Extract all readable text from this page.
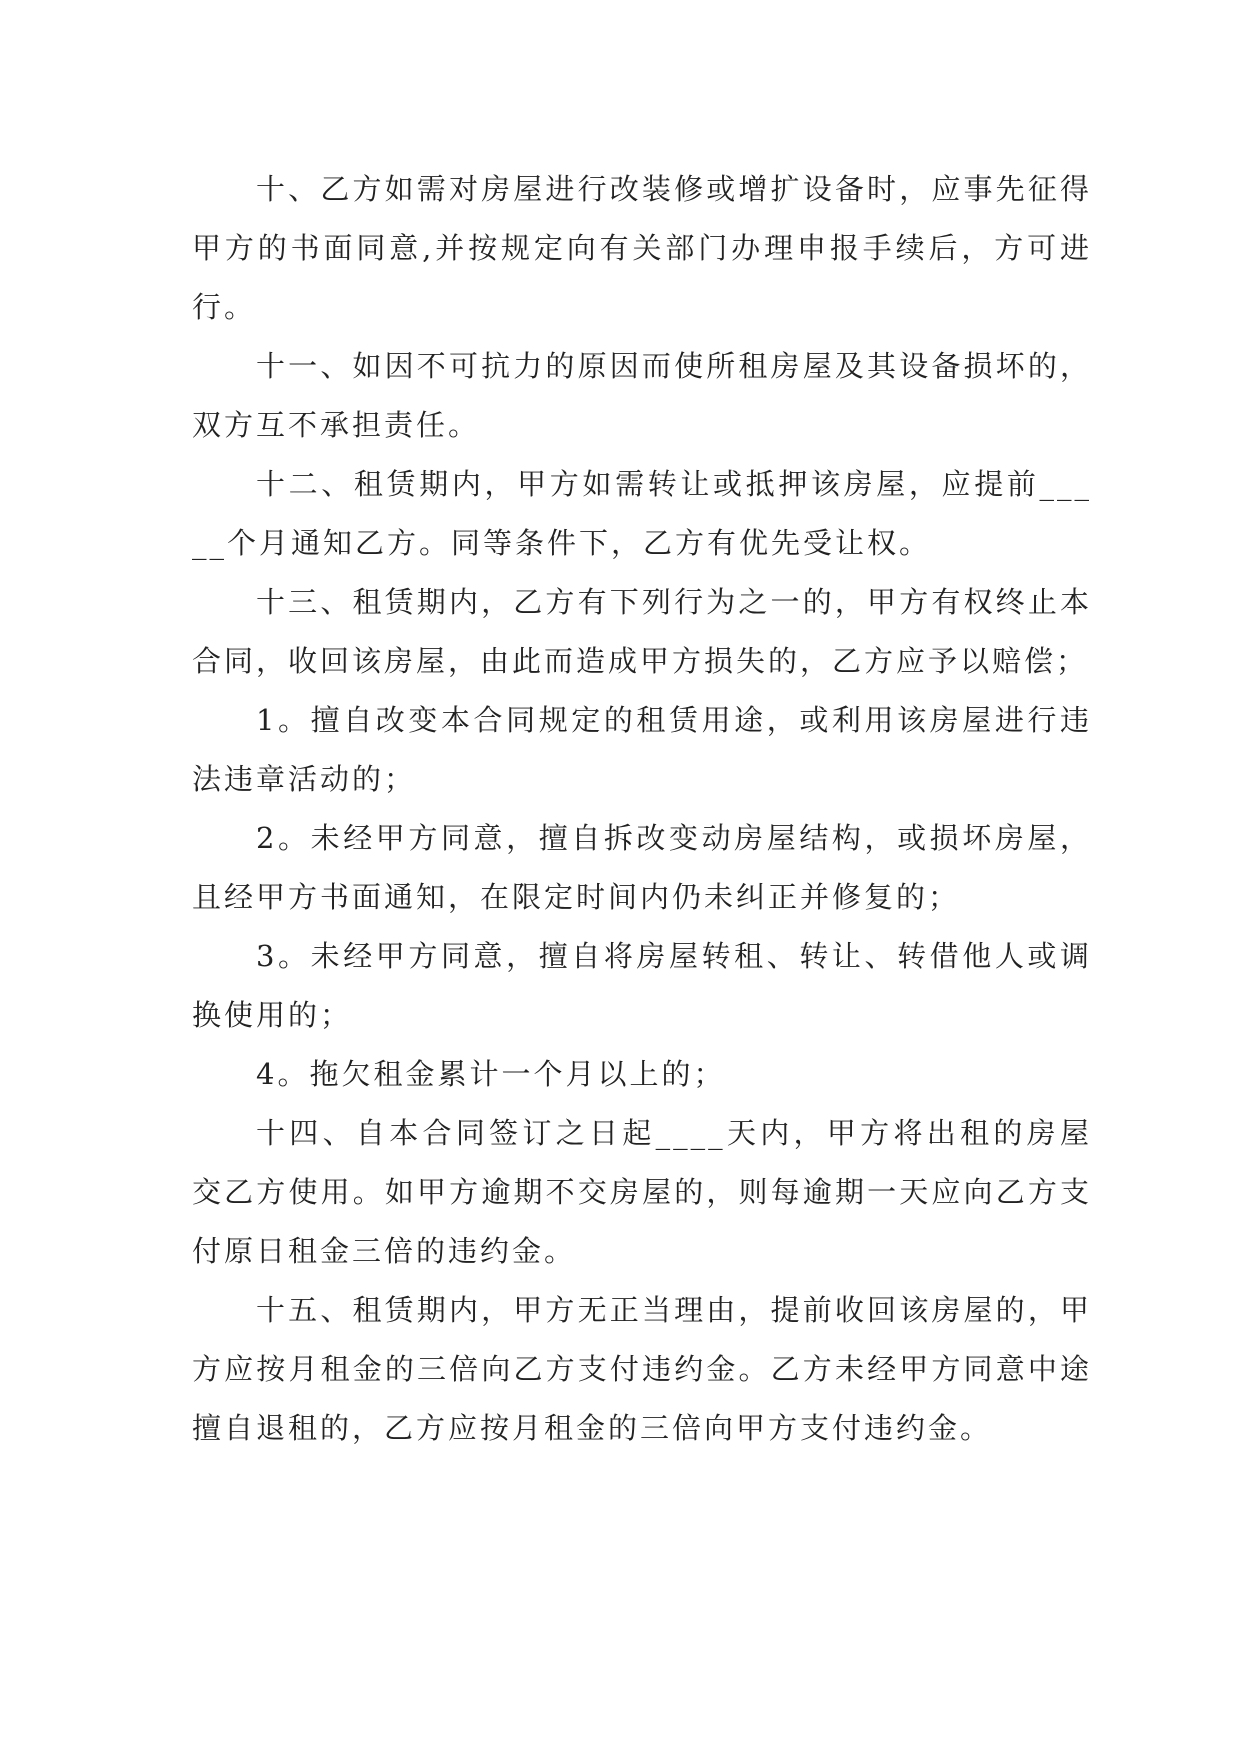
十、乙方如需对房屋进行改装修或增扩设备时，应事先征得甲方的书面同意,并按规定向有关部门办理申报手续后，方可进行。

十一、如因不可抗力的原因而使所租房屋及其设备损坏的，双方互不承担责任。

十二、租赁期内，甲方如需转让或抵押该房屋，应提前_____个月通知乙方。同等条件下，乙方有优先受让权。

十三、租赁期内，乙方有下列行为之一的，甲方有权终止本合同，收回该房屋，由此而造成甲方损失的，乙方应予以赔偿；

1。擅自改变本合同规定的租赁用途，或利用该房屋进行违法违章活动的；

2。未经甲方同意，擅自拆改变动房屋结构，或损坏房屋，且经甲方书面通知，在限定时间内仍未纠正并修复的；

3。未经甲方同意，擅自将房屋转租、转让、转借他人或调换使用的；

4。拖欠租金累计一个月以上的；

十四、自本合同签订之日起____天内，甲方将出租的房屋交乙方使用。如甲方逾期不交房屋的，则每逾期一天应向乙方支付原日租金三倍的违约金。

十五、租赁期内，甲方无正当理由，提前收回该房屋的，甲方应按月租金的三倍向乙方支付违约金。乙方未经甲方同意中途擅自退租的，乙方应按月租金的三倍向甲方支付违约金。
